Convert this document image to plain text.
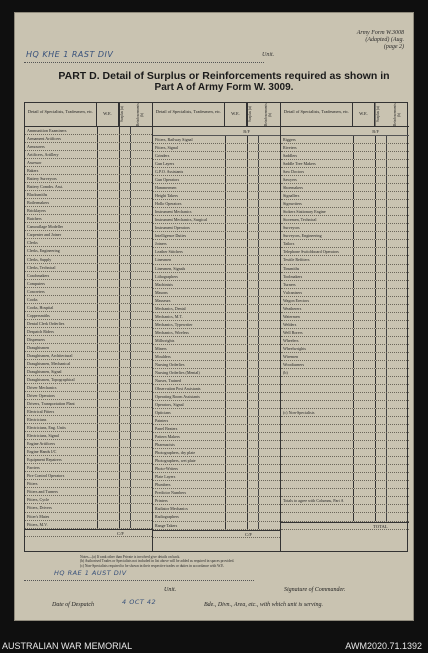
Army Form W.3008
(Adapted) (Aug.
(page 2)
HQ KHE 1 RAST DIV	Unit.
PART D. Detail of Surplus or Reinforcements required as shown in
Part A of Army Form W. 3009.
Detail of Specialists, Tradesmen, etc.	W.E.	Surplus (a)	Reinforcements (b)
Ammunition Examiners
Armament Artificers
Armourers
Artificers, Artillery
Assessor
Bakers
Battery Surveyors
Battery Comdrs. Asst.
Blacksmiths
Boilermakers
Bricklayers
Butchers
Camouflage Modeller
Carpenter and Joiner
Clerks
Clerks, Engineering
Clerks, Supply
Clerks, Technical
Coachmakers
Computers
Concreters
Cooks
Cooks, Hospital
Coppersmiths
Dental Clerk Orderlies
Despatch Riders
Dispensers
Draughtsmen
Draughtsmen, Architectural
Draughtsmen, Mechanical
Draughtsmen, Signal
Draughtsmen, Topographical
Driver Mechanics
Driver Operators
Drivers, Transportation Plant
Electrical Fitters
Electricians
Electricians, Eng. Units
Electricians, Signal
Engine Artificers
Engine Hands I/C
Equipment Repairers
Farriers
Fire Control Operators
Fitters
Fitters and Turners
Fitters, Cycle
Fitters, Drivers
Fitter's Mates
Fitters, M.V.
C/F
Detail of Specialists, Tradesmen, etc.	W.E.	Surplus (a)	Reinforcements (b)
B/F
Fitters, Railway Signal
Fitters, Signal
Grinders
Gun Layers
G.P.O. Assistants
Gun Operators
Hammermen
Height Takers
Hollo Operators
Instrument Mechanics
Instrument Mechanics, Surgical
Instrument Operators
Intelligence Duties
Joiners
Leather Stitchers
Linesmen
Linesmen, Signals
Lithographers
Machinists
Masons
Masseurs
Mechanics, Dental
Mechanics, M.T.
Mechanics, Typewriter
Mechanics, Wireless
Millwrights
Miners
Moulders
Nursing Orderlies
Nursing Orderlies (Mental)
Nurses, Trained
Observation Post Assistants
Operating Room Assistants
Operators, Signal
Opticians
Painters
Panel Beaters
Pattern Makers
Pharmacists
Photographers, dry plate
Photographers, wet plate
Photo-Writers
Plate Layers
Plumbers
Predictor Numbers
Printers
Radiator Mechanics
Radiographers
Range Takers
C/F
Detail of Specialists, Tradesmen, etc.	W.E.	Surplus (a)	Reinforcements (b)
B/F
Riggers
Riveters
Saddlers
Saddle Tree Makers
Saw Doctors
Sawyers
Shoemakers
Signallers
Signwriters
Stokers Stationary Engine
Storemen, Technical
Surveyors
Surveyors, Engineering
Tailors
Telephone Switchboard Operators
Textile Refitters
Tinsmiths
Toolmakers
Turners
Vulcanisers
Wagon Erectors
Weatherers
Watermen
Welders
Well Borers
Wheelers
Wheelwrights
Wiremen
Woodturners
(b)
(c) Non-Specialists
Totals to agree with Columns, Part A
TOTAL
Notes—(a) If rank other than Private is involved give details on back.
(b) Authorised Trades or Specialists not included in list above will be added as required in spaces provided.
(c) Non-Specialists required to be shown in their respective trades or duties in accordance with W.E.
HQ RAE 1 AUST DIV
Unit.	Signature of Commander.
Date of Despatch	4 OCT 42	Bde., Divn., Area, etc., with which unit is serving.
AUSTRALIAN WAR MEMORIAL	AWM2020.71.1392
